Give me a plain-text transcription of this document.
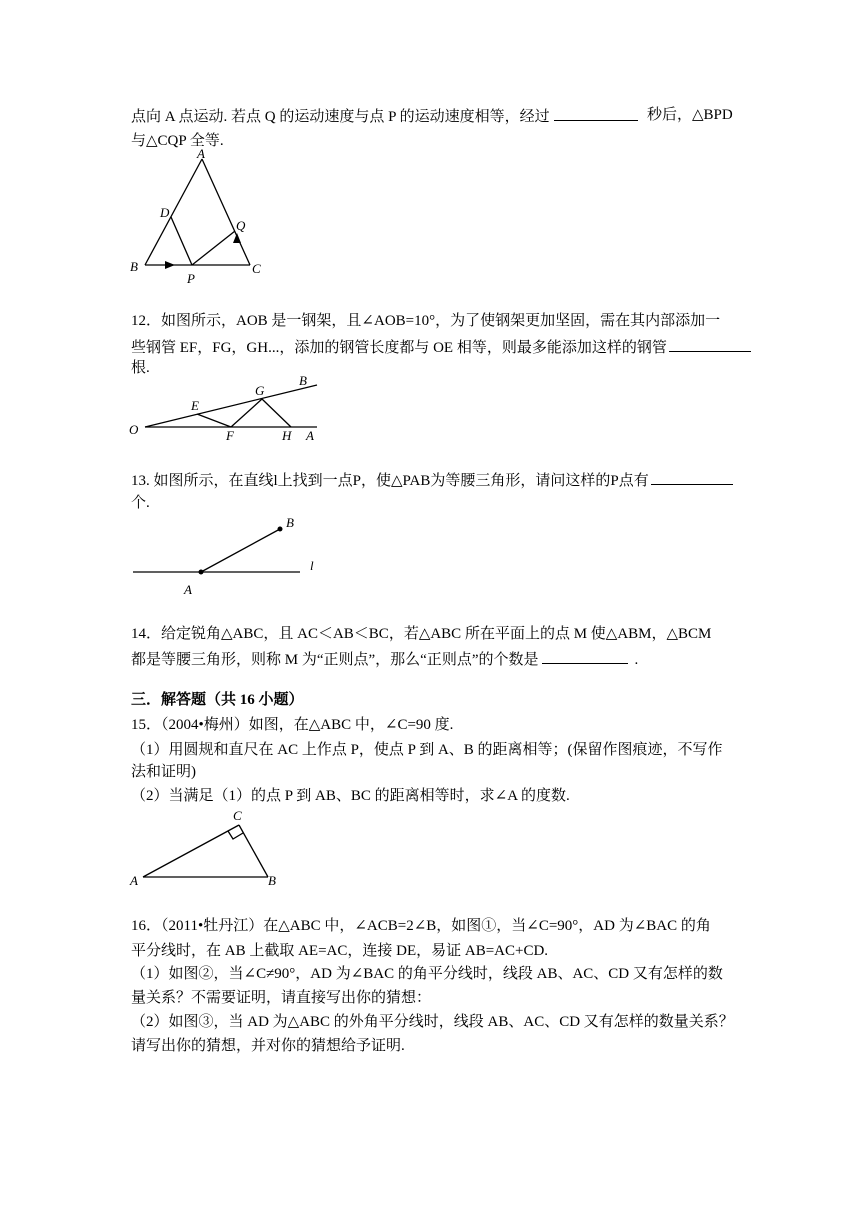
点向 A 点运动. 若点 Q 的运动速度与点 P 的运动速度相等，经过	秒后，△BPD
与△CQP 全等.
A
D
Q
B	C
P
12．如图所示，AOB 是一钢架，且∠AOB=10°，为了使钢架更加坚固，需在其内部添加一
些钢管 EF，FG，GH...，添加的钢管长度都与 OE 相等，则最多能添加这样的钢管
根.
O
E
G
B
F	H A
13. 如图所示，在直线l上找到一点P，使△PAB为等腰三角形，请问这样的P点有
个.
B
l
A
14．给定锐角△ABC，且 AC＜AB＜BC，若△ABC 所在平面上的点 M 使△ABM，△BCM
都是等腰三角形，则称 M 为“正则点”，那么“正则点”的个数是	.
三．解答题（共 16 小题）
15．（2004•梅州）如图，在△ABC 中，∠C=90 度.
（1）用圆规和直尺在 AC 上作点 P，使点 P 到 A、B 的距离相等；(保留作图痕迹，不写作
法和证明)
（2）当满足（1）的点 P 到 AB、BC 的距离相等时，求∠A 的度数.
C
A	B
16．（2011•牡丹江）在△ABC 中，∠ACB=2∠B，如图①，当∠C=90°，AD 为∠BAC 的角
平分线时，在 AB 上截取 AE=AC，连接 DE，易证 AB=AC+CD.
（1）如图②，当∠C≠90°，AD 为∠BAC 的角平分线时，线段 AB、AC、CD 又有怎样的数
量关系？不需要证明，请直接写出你的猜想：
（2）如图③，当 AD 为△ABC 的外角平分线时，线段 AB、AC、CD 又有怎样的数量关系？
请写出你的猜想，并对你的猜想给予证明.
